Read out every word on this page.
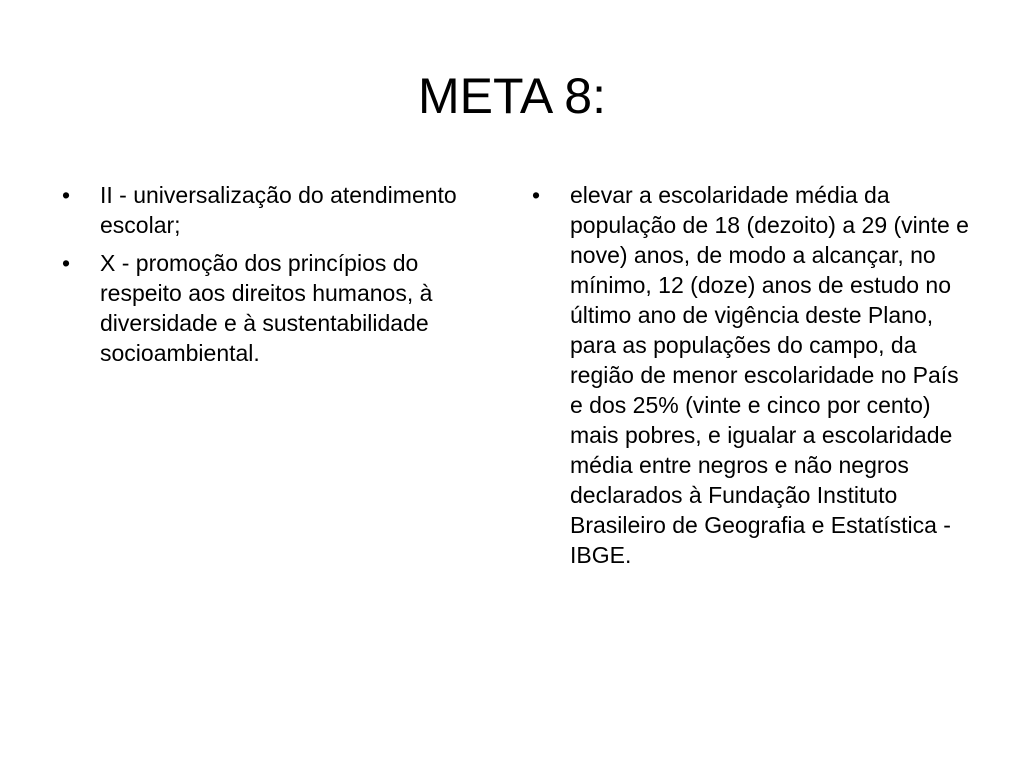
META 8:
•	II - universalização do atendimento escolar;
•	X - promoção dos princípios do respeito aos direitos humanos, à diversidade e à sustentabilidade socioambiental.
•	elevar a escolaridade média da população de 18 (dezoito) a 29 (vinte e nove) anos, de modo a alcançar, no mínimo, 12 (doze) anos de estudo no último ano de vigência deste Plano, para as populações do campo, da região de menor escolaridade no País e dos 25% (vinte e cinco por cento) mais pobres, e igualar a escolaridade média entre negros e não negros declarados à Fundação Instituto Brasileiro de Geografia e Estatística - IBGE.
